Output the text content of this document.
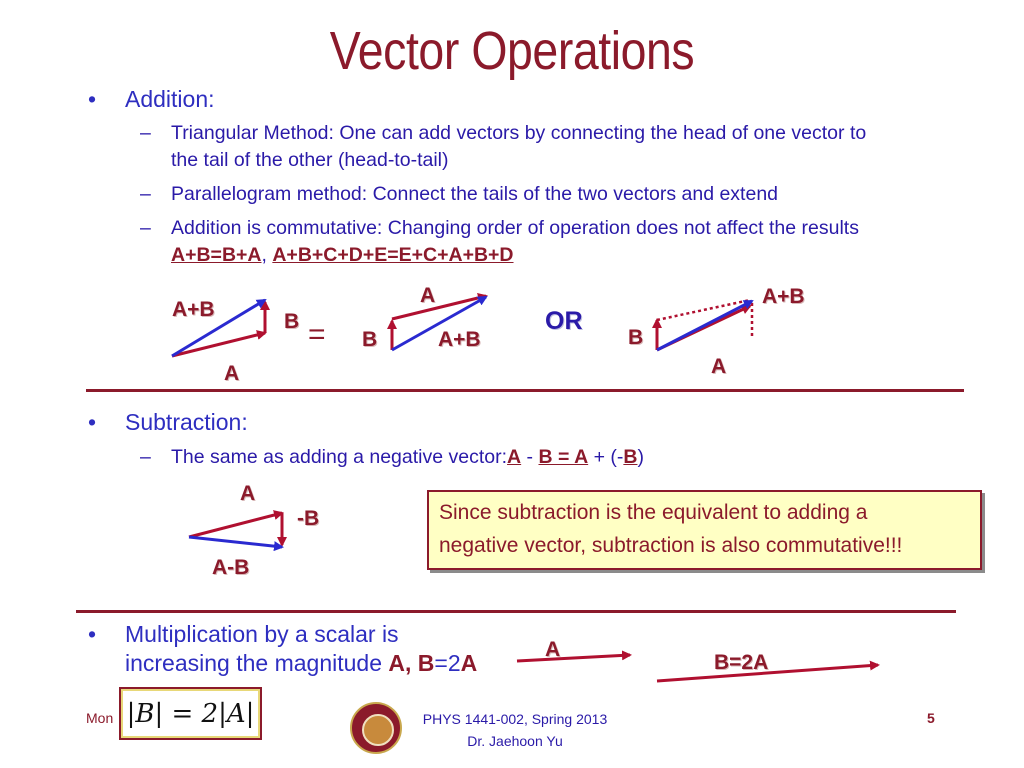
Vector Operations
• Addition:
– Triangular Method: One can add vectors by connecting the head of one vector to
the tail of the other (head-to-tail)
– Parallelogram method: Connect the tails of the two vectors and extend
– Addition is commutative: Changing order of operation does not affect the results
A+B=B+A, A+B+C+D+E=E+C+A+B+D
A+B
B
A
=
A
B	A+B
OR
A+B
B
A
• Subtraction:
– The same as adding a negative vector:A - B = A + (-B)
A
-B
A-B
Since subtraction is the equivalent to adding a
negative vector, subtraction is also commutative!!!
• Multiplication by a scalar is
increasing the magnitude A, B=2A
A
B=2A
Mon |𝐵| = 2|𝐴|	PHYS 1441-002, Spring 2013
Dr. Jaehoon Yu
5
